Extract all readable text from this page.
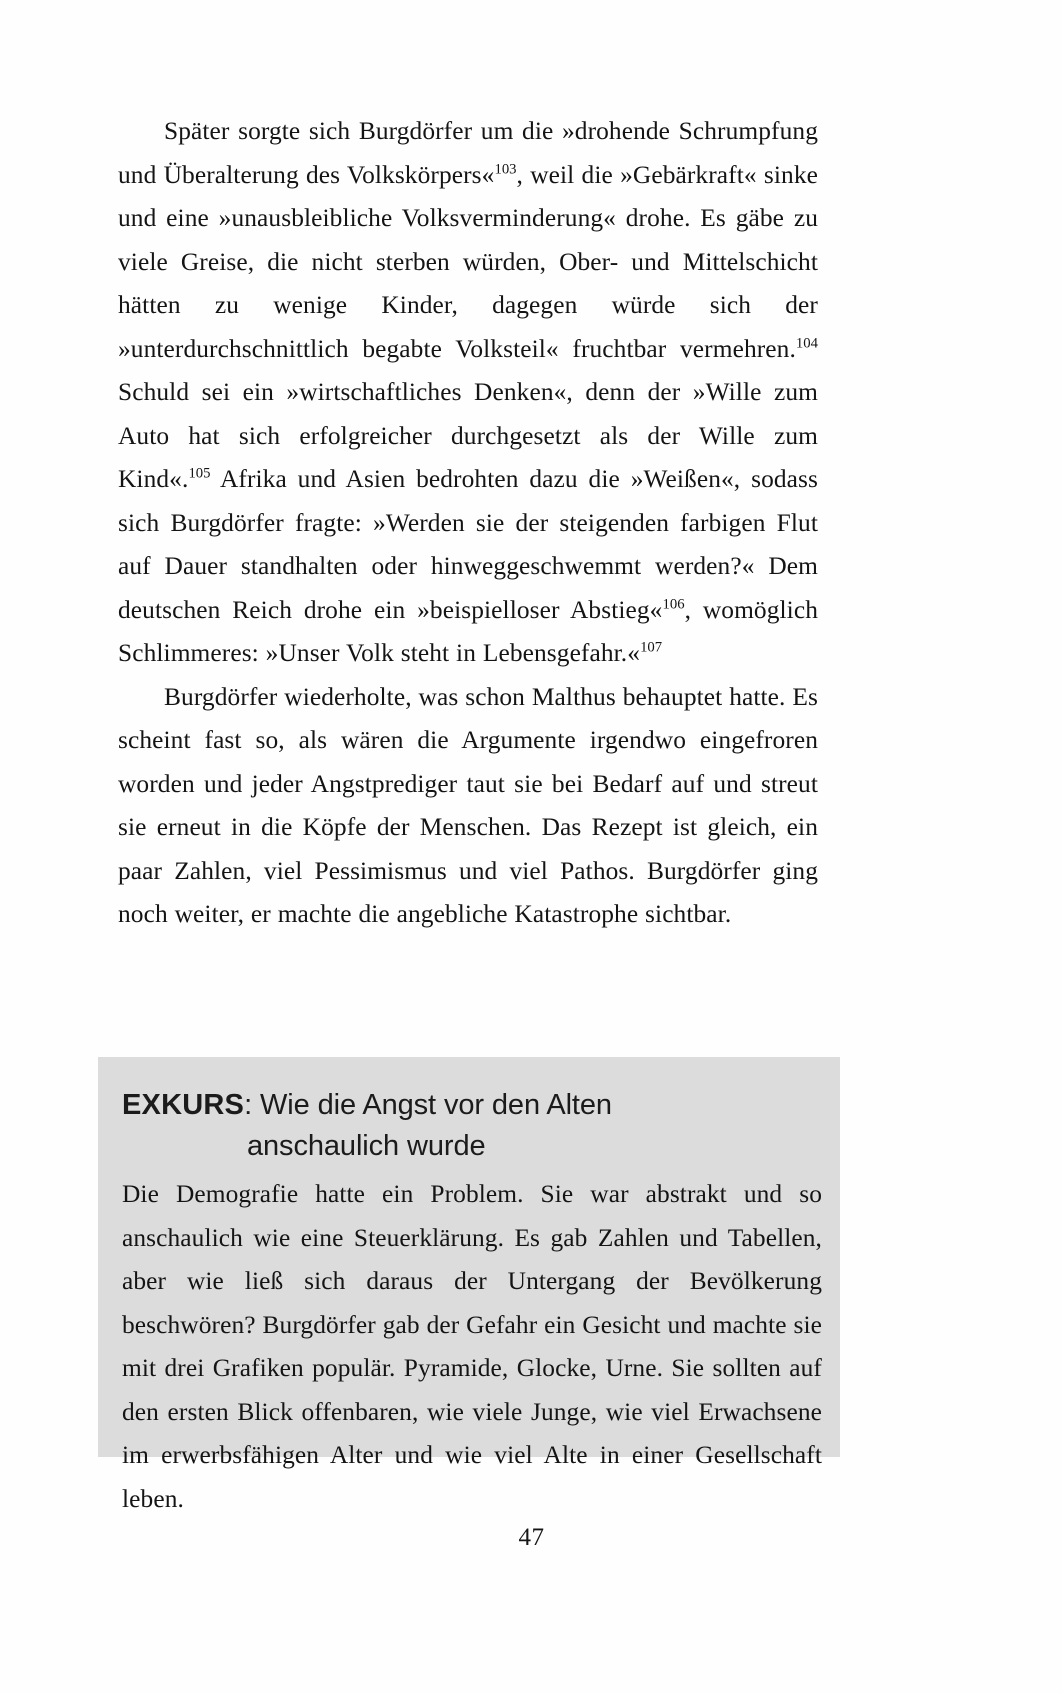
Später sorgte sich Burgdörfer um die »drohende Schrumpfung und Überalterung des Volkskörpers«$^{103}$, weil die »Gebärkraft« sinke und eine »unausbleibliche Volksverminderung« drohe. Es gäbe zu viele Greise, die nicht sterben würden, Ober- und Mittelschicht hätten zu wenige Kinder, dagegen würde sich der »unterdurchschnittlich begabte Volksteil« fruchtbar vermehren.$^{104}$ Schuld sei ein »wirtschaftliches Denken«, denn der »Wille zum Auto hat sich erfolgreicher durchgesetzt als der Wille zum Kind«.$^{105}$ Afrika und Asien bedrohten dazu die »Weißen«, sodass sich Burgdörfer fragte: »Werden sie der steigenden farbigen Flut auf Dauer standhalten oder hinweggeschwemmt werden?« Dem deutschen Reich drohe ein »beispielloser Abstieg«$^{106}$, womöglich Schlimmeres: »Unser Volk steht in Lebensgefahr.«$^{107}$

Burgdörfer wiederholte, was schon Malthus behauptet hatte. Es scheint fast so, als wären die Argumente irgendwo eingefroren worden und jeder Angstprediger taut sie bei Bedarf auf und streut sie erneut in die Köpfe der Menschen. Das Rezept ist gleich, ein paar Zahlen, viel Pessimismus und viel Pathos. Burgdörfer ging noch weiter, er machte die angebliche Katastrophe sichtbar.

EXKURS: Wie die Angst vor den Alten
anschaulich wurde

Die Demografie hatte ein Problem. Sie war abstrakt und so anschaulich wie eine Steuerklärung. Es gab Zahlen und Tabellen, aber wie ließ sich daraus der Untergang der Bevölkerung beschwören? Burgdörfer gab der Gefahr ein Gesicht und machte sie mit drei Grafiken populär. Pyramide, Glocke, Urne. Sie sollten auf den ersten Blick offenbaren, wie viele Junge, wie viel Erwachsene im erwerbsfähigen Alter und wie viel Alte in einer Gesellschaft leben.

47
